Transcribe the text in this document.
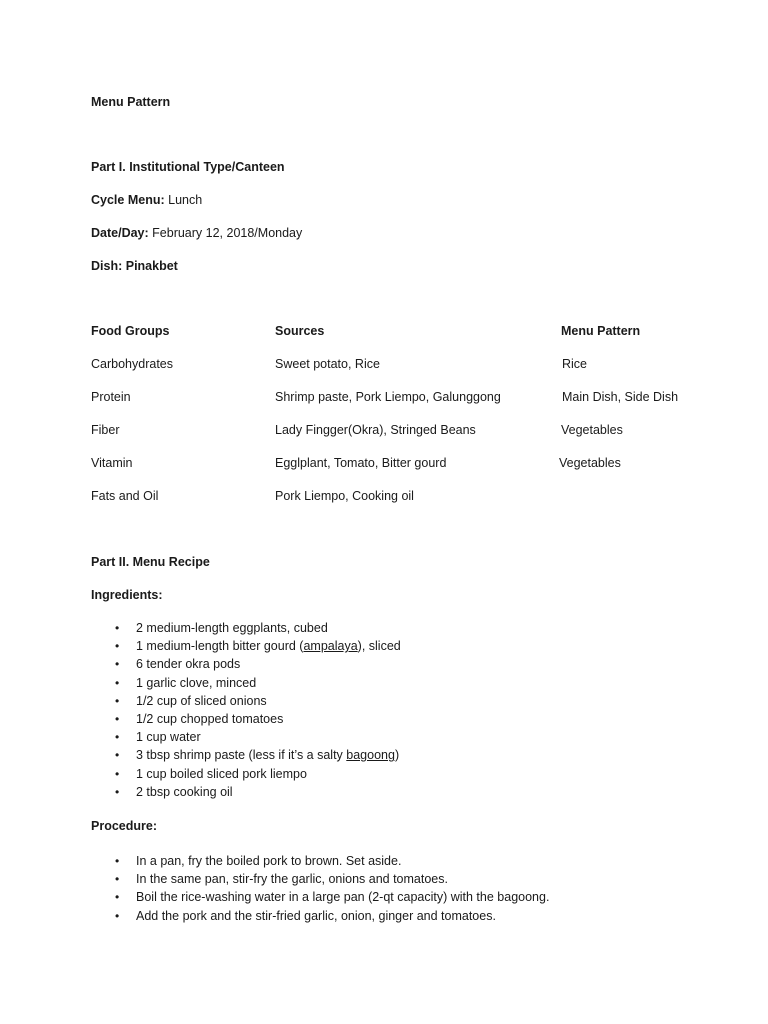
Menu Pattern
Part I. Institutional Type/Canteen
Cycle Menu: Lunch
Date/Day: February 12, 2018/Monday
Dish: Pinakbet
Food Groups	Sources	Menu Pattern
Carbohydrates	Sweet potato, Rice	Rice
Protein	Shrimp paste, Pork Liempo, Galunggong	Main Dish, Side Dish
Fiber	Lady Fingger(Okra), Stringed Beans	Vegetables
Vitamin	Egglplant, Tomato, Bitter gourd	Vegetables
Fats and Oil	Pork Liempo, Cooking oil
Part II. Menu Recipe
Ingredients:
• 2 medium-length eggplants, cubed
• 1 medium-length bitter gourd (ampalaya), sliced
• 6 tender okra pods
• 1 garlic clove, minced
• 1/2 cup of sliced onions
• 1/2 cup chopped tomatoes
• 1 cup water
• 3 tbsp shrimp paste (less if it’s a salty bagoong)
• 1 cup boiled sliced pork liempo
• 2 tbsp cooking oil
Procedure:
• In a pan, fry the boiled pork to brown. Set aside.
• In the same pan, stir-fry the garlic, onions and tomatoes.
• Boil the rice-washing water in a large pan (2-qt capacity) with the bagoong.
• Add the pork and the stir-fried garlic, onion, ginger and tomatoes.
